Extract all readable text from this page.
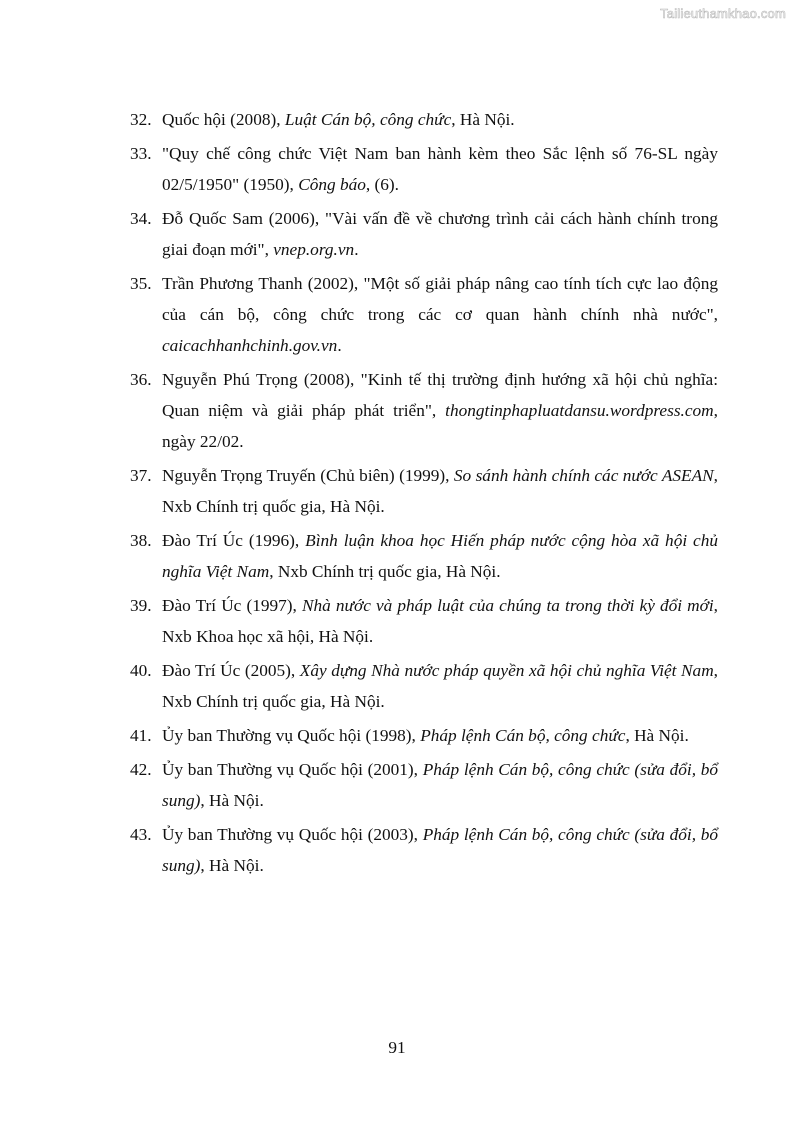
Tailieuthamkhao.com
32. Quốc hội (2008), Luật Cán bộ, công chức, Hà Nội.
33. "Quy chế công chức Việt Nam ban hành kèm theo Sắc lệnh số 76-SL ngày 02/5/1950" (1950), Công báo, (6).
34. Đỗ Quốc Sam (2006), "Vài vấn đề về chương trình cải cách hành chính trong giai đoạn mới", vnep.org.vn.
35. Trần Phương Thanh (2002), "Một số giải pháp nâng cao tính tích cực lao động của cán bộ, công chức trong các cơ quan hành chính nhà nước", caicachhanhchinh.gov.vn.
36. Nguyễn Phú Trọng (2008), "Kinh tế thị trường định hướng xã hội chủ nghĩa: Quan niệm và giải pháp phát triển", thongtinphapluatdansu.wordpress.com, ngày 22/02.
37. Nguyễn Trọng Truyến (Chủ biên) (1999), So sánh hành chính các nước ASEAN, Nxb Chính trị quốc gia, Hà Nội.
38. Đào Trí Úc (1996), Bình luận khoa học Hiến pháp nước cộng hòa xã hội chủ nghĩa Việt Nam, Nxb Chính trị quốc gia, Hà Nội.
39. Đào Trí Úc (1997), Nhà nước và pháp luật của chúng ta trong thời kỳ đổi mới, Nxb Khoa học xã hội, Hà Nội.
40. Đào Trí Úc (2005), Xây dựng Nhà nước pháp quyền xã hội chủ nghĩa Việt Nam, Nxb Chính trị quốc gia, Hà Nội.
41. Ủy ban Thường vụ Quốc hội (1998), Pháp lệnh Cán bộ, công chức, Hà Nội.
42. Ủy ban Thường vụ Quốc hội (2001), Pháp lệnh Cán bộ, công chức (sửa đổi, bổ sung), Hà Nội.
43. Ủy ban Thường vụ Quốc hội (2003), Pháp lệnh Cán bộ, công chức (sửa đổi, bổ sung), Hà Nội.
91
